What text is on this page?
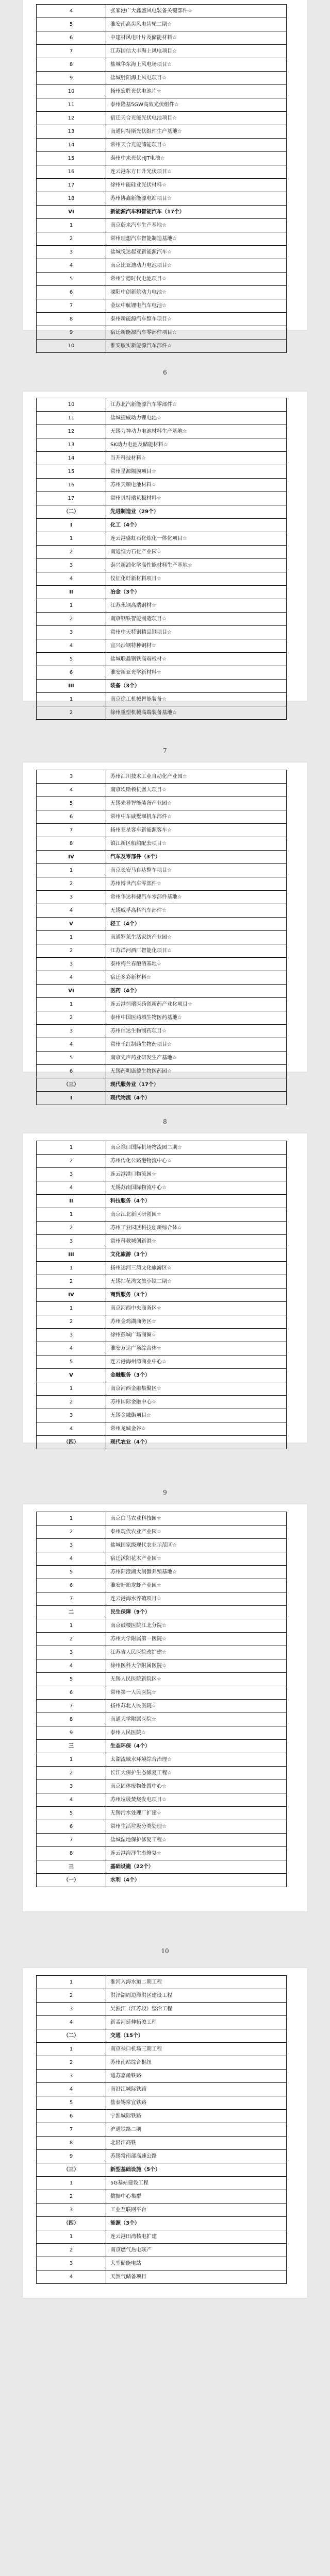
4	张家港广大鑫盛风电装备关键部件☆
5	淮安南高齿风电齿轮二期☆
6	中建材风电叶片及储能材料☆
7	江苏国信大丰海上风电项目☆
8	盐城华东海上风电场项目☆
9	盐城射阳海上风电项目☆
10	扬州宏胜光伏电池片☆
11	泰州隆基5GW高效光伏组件☆
12	宿迁天合光能光伏电池项目☆
13	南通阿特斯光伏组件生产基地☆
14	常州天合光能储能项目☆
15	泰州中来光伏HJT电池☆
16	连云港东方日升光伏项目☆
17	徐州中能硅业光伏材料☆
18	苏州协鑫新能源电站项目☆
VI	新能源汽车和智能汽车（17个）
1	南京蔚来汽车生产基地☆
2	常州理想汽车智能制造基地☆
3	盐城悦达起亚新能源汽车☆
4	南京比亚迪动力电池项目☆
5	常州宁德时代电池项目☆
6	溧阳中创新航动力电池☆
7	金坛中航锂电汽车电池☆
8	泰州新能源汽车整车项目☆
9	宿迁新能源汽车零部件项目☆
10	淮安敏实新能源汽车部件☆
6
10	江苏北汽新能源汽车零部件☆
11	盐城捷威动力锂电池☆
12	无锡力神动力电池材料生产基地☆
13	SK动力电池及储能材料☆
14	当升科技材料☆
15	常州星源隔膜项目☆
16	苏州天顺电池材料☆
17	常州贝特瑞负极材料☆
（二）	先进制造业（29个）
I	化工（4个）
1	连云港盛虹石化炼化一体化项目☆
2	南通恒力石化产业园☆
3	泰兴新浦化学高性能材料生产基地☆
4	仪征化纤新材料项目☆
II	冶金（3个）
1	江苏永钢高端钢材☆
2	南京钢铁智能制造项目☆
3	常州中天特钢精品钢项目☆
4	宜兴沙钢特种钢材☆
5	盐城联鑫钢铁高端板材☆
6	淮安新亚光学新材料☆
III	装备（3个）
1	南京徐工机械智能装备☆
2	徐州重型机械高端装备基地☆
7
3	苏州汇川技术工业自动化产业园☆
4	南京埃斯顿机器人项目☆
5	无锡先导智能装备产业园☆
6	常州中车戚墅堰机车部件☆
7	扬州亚星客车新能源客车☆
8	镇江新区船舶配套项目☆
IV	汽车及零部件（3个）
1	南京长安马自达整车项目☆
2	苏州博世汽车零部件☆
3	常州华达科捷汽车零部件基地☆
4	无锡威孚高科汽车部件☆
V	轻工（4个）
1	南通罗莱生活家纺产业园☆
2	江苏洋河酒厂智能化项目☆
3	泰州梅兰春酿酒基地☆
4	宿迁多彩新材料☆
VI	医药（4个）
1	连云港恒瑞医药创新药产业化项目☆
2	泰州中国医药城生物医药基地☆
3	苏州信达生物制药项目☆
4	常州千红制药生物药项目☆
5	南京先声药业研发生产基地☆
6	无锡药明康德生物医药园☆
（三）	现代服务业（17个）
I	现代物流（4个）
8
1	南京禄口国际机场物流园二期☆
2	苏州传化公路港物流中心☆
3	连云港港口物流园☆
4	无锡苏南国际物流中心☆
II	科技服务（4个）
1	南京江北新区研创园☆
2	苏州工业园区科技创新综合体☆
3	常州科教城创新港☆
III	文化旅游（3个）
1	扬州运河三湾文化旅游区☆
2	无锡拈花湾文旅小镇二期☆
IV	商贸服务（3个）
1	南京河西中央商务区☆
2	苏州金鸡湖商务区☆
3	徐州彭城广场商圈☆
4	淮安万达广场综合体☆
5	连云港海州湾商业中心☆
V	金融服务（3个）
1	南京河西金融集聚区☆
2	苏州国际金融中心☆
3	无锡金融街项目☆
4	常州龙城金谷☆
（四）	现代农业（4个）
9
1	南京白马农业科技园☆
2	泰州现代农业产业园☆
3	盐城国家级现代农业示范区☆
4	宿迁沭阳花木产业园☆
5	苏州阳澄湖大闸蟹养殖基地☆
6	淮安盱眙龙虾产业园☆
7	连云港海水养殖项目☆
二	民生保障（9个）
1	南京鼓楼医院江北分院☆
2	苏州大学附属第一医院☆
3	江苏省人民医院改扩建☆
4	徐州医科大学附属医院☆
5	无锡人民医院新院区☆
6	常州第一人民医院☆
7	扬州苏北人民医院☆
8	南通大学附属医院☆
9	泰州人民医院☆
三	生态环保（4个）
1	太湖流域水环境综合治理☆
2	长江大保护生态修复工程☆
3	南京固体废物处置中心☆
4	苏州垃圾焚烧发电项目☆
5	无锡污水处理厂扩建☆
6	常州生活垃圾分类处理☆
7	盐城湿地保护修复工程☆
8	连云港海洋生态修复☆
三	基础设施（22个）
（一）	水利（4个）
10
1	淮河入海水道二期工程
2	洪泽湖周边滞洪区建设工程
3	吴淞江（江苏段）整治工程
4	新孟河延伸拓浚工程
（二）	交通（15个）
1	南京禄口机场三期工程
2	苏州南站综合枢纽
3	通苏嘉甬铁路
4	南沿江城际铁路
5	盐泰锡常宜铁路
6	宁淮城际铁路
7	沪通铁路二期
8	北沿江高铁
9	苏锡常南部高速公路
（三）	新型基础设施（5个）
1	5G基站建设工程
2	数据中心集群
3	工业互联网平台
（四）	能源（3个）
1	连云港田湾核电扩建
2	南京燃气热电联产
3	大型储能电站
4	天然气储备项目
